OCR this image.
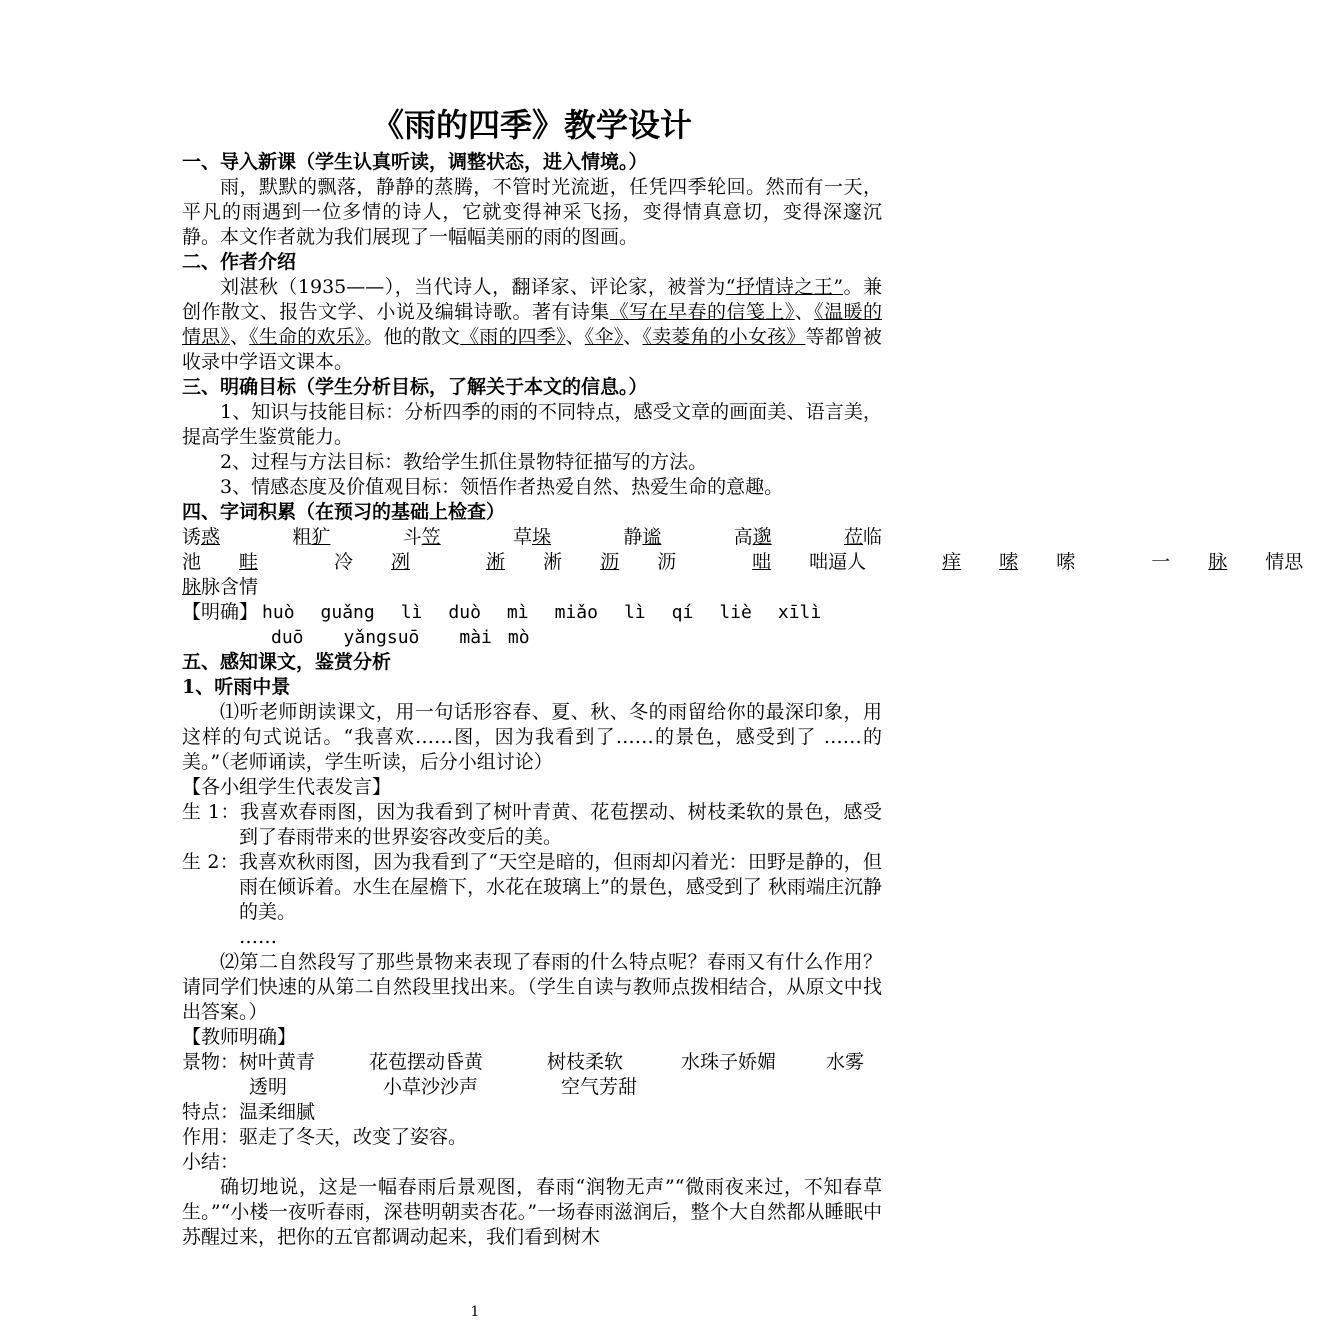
《雨的四季》教学设计

一、导入新课（学生认真听读，调整状态，进入情境。）

雨，默默的飘落，静静的蒸腾，不管时光流逝，任凭四季轮回。然而有一天，平凡的雨遇到一位多情的诗人，它就变得神采飞扬，变得情真意切，变得深邃沉静。本文作者就为我们展现了一幅幅美丽的雨的图画。

二、作者介绍

刘湛秋（1935——），当代诗人，翻译家、评论家，被誉为“抒情诗之王”。兼创作散文、报告文学、小说及编辑诗歌。著有诗集《写在早春的信笺上》、《温暖的情思》、《生命的欢乐》。他的散文《雨的四季》、《伞》、《卖菱角的小女孩》等都曾被收录中学语文课本。

三、明确目标（学生分析目标，了解关于本文的信息。）

1、知识与技能目标：分析四季的雨的不同特点，感受文章的画面美、语言美，提高学生鉴赏能力。

2、过程与方法目标：教给学生抓住景物特征描写的方法。

3、情感态度及价值观目标：领悟作者热爱自然、热爱生命的意趣。

四、字词积累（在预习的基础上检查）

诱惑	粗犷	斗笠	草垛	静谧	高邈	莅临
池 畦	冷 冽	淅 淅 沥 沥	咄 咄逼人	痒 嗦 嗦	一 脉 情思
脉脉含情
【明确】 huò guǎng lì duò mì miǎo lì qí liè xīlì
duō yǎngsuō mài mò

五、感知课文，鉴赏分析

1、听雨中景

⑴听老师朗读课文，用一句话形容春、夏、秋、冬的雨留给你的最深印象，用这样的句式说话。“我喜欢……图，因为我看到了……的景色，感受到了 ……的美。”（老师诵读，学生听读，后分小组讨论）

【各小组学生代表发言】

生 1：我喜欢春雨图，因为我看到了树叶青黄、花苞摆动、树枝柔软的景色，感受到了春雨带来的世界姿容改变后的美。

生 2：我喜欢秋雨图，因为我看到了“天空是暗的，但雨却闪着光：田野是静的，但雨在倾诉着。水生在屋檐下，水花在玻璃上”的景色，感受到了 秋雨端庄沉静的美。

……

⑵第二自然段写了那些景物来表现了春雨的什么特点呢？春雨又有什么作用？请同学们快速的从第二自然段里找出来。（学生自读与教师点拨相结合，从原文中找出答案。）

【教师明确】

景物：树叶黄青	花苞摆动昏黄	树枝柔软	水珠子娇媚	水雾
透明	小草沙沙声	空气芳甜

特点：温柔细腻

作用：驱走了冬天，改变了姿容。

小结：

确切地说，这是一幅春雨后景观图，春雨“润物无声”“微雨夜来过，不知春草生。”“小楼一夜听春雨，深巷明朝卖杏花。”一场春雨滋润后，整个大自然都从睡眠中苏醒过来，把你的五官都调动起来，我们看到树木

1
